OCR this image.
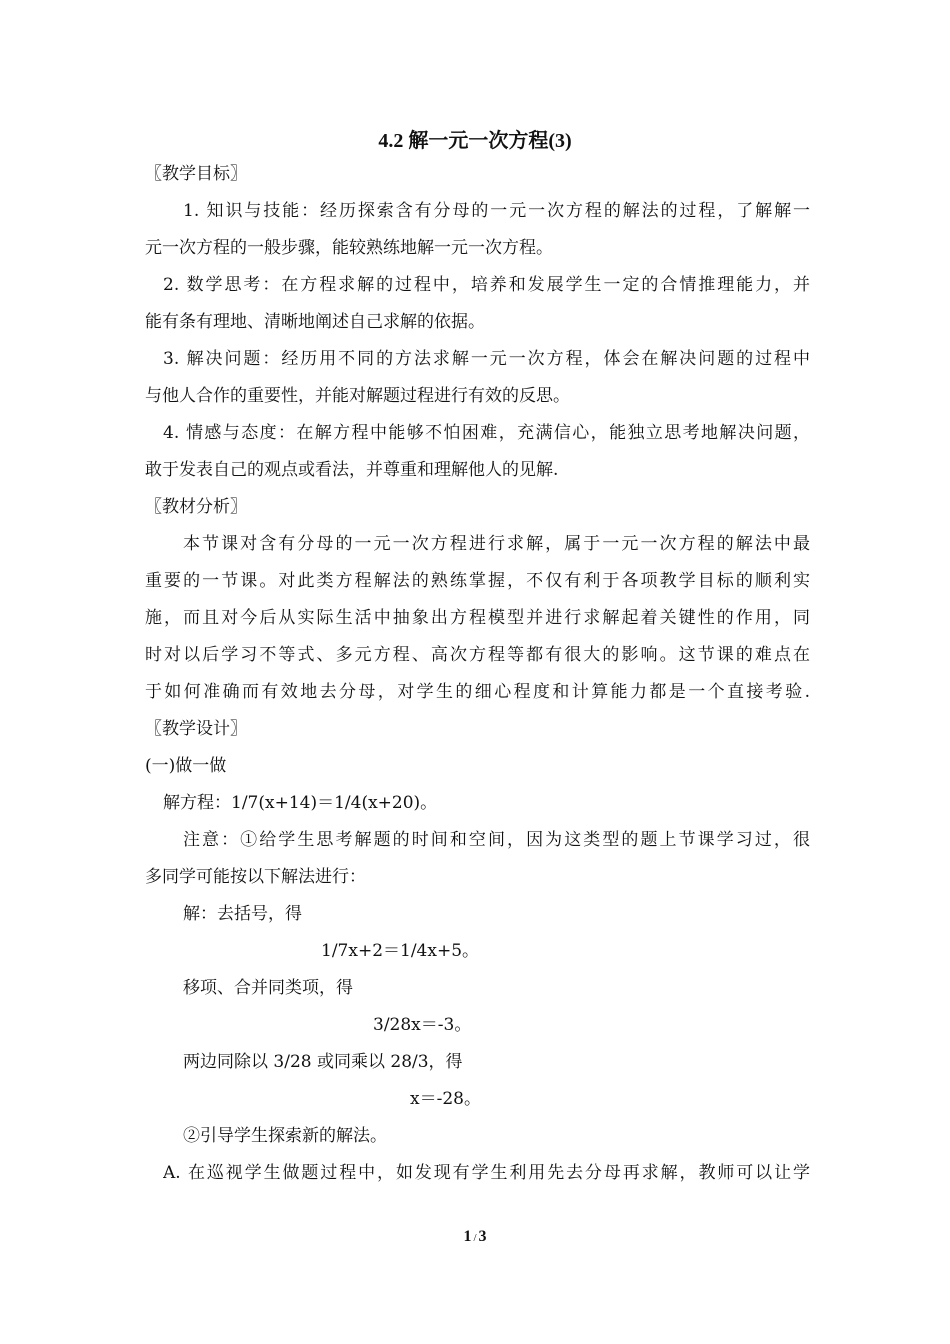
4.2 解一元一次方程(3)
〖教学目标〗
1. 知识与技能：经历探索含有分母的一元一次方程的解法的过程，了解解一
元一次方程的一般步骤，能较熟练地解一元一次方程。
2. 数学思考：在方程求解的过程中，培养和发展学生一定的合情推理能力，并
能有条有理地、清晰地阐述自己求解的依据。
3. 解决问题：经历用不同的方法求解一元一次方程，体会在解决问题的过程中
与他人合作的重要性，并能对解题过程进行有效的反思。
4. 情感与态度：在解方程中能够不怕困难，充满信心，能独立思考地解决问题，
敢于发表自己的观点或看法，并尊重和理解他人的见解.
〖教材分析〗
本节课对含有分母的一元一次方程进行求解，属于一元一次方程的解法中最
重要的一节课。对此类方程解法的熟练掌握，不仅有利于各项教学目标的顺利实
施，而且对今后从实际生活中抽象出方程模型并进行求解起着关键性的作用，同
时对以后学习不等式、多元方程、高次方程等都有很大的影响。这节课的难点在
于如何准确而有效地去分母，对学生的细心程度和计算能力都是一个直接考验.
〖教学设计〗
(一)做一做
解方程：1/7(x+14)＝1/4(x+20)。
注意：①给学生思考解题的时间和空间，因为这类型的题上节课学习过，很
多同学可能按以下解法进行：
解：去括号，得
1/7x+2＝1/4x+5。
移项、合并同类项，得
3/28x＝-3。
两边同除以 3/28 或同乘以 28/3，得
x＝-28。
②引导学生探索新的解法。
A. 在巡视学生做题过程中，如发现有学生利用先去分母再求解，教师可以让学
1 / 3
